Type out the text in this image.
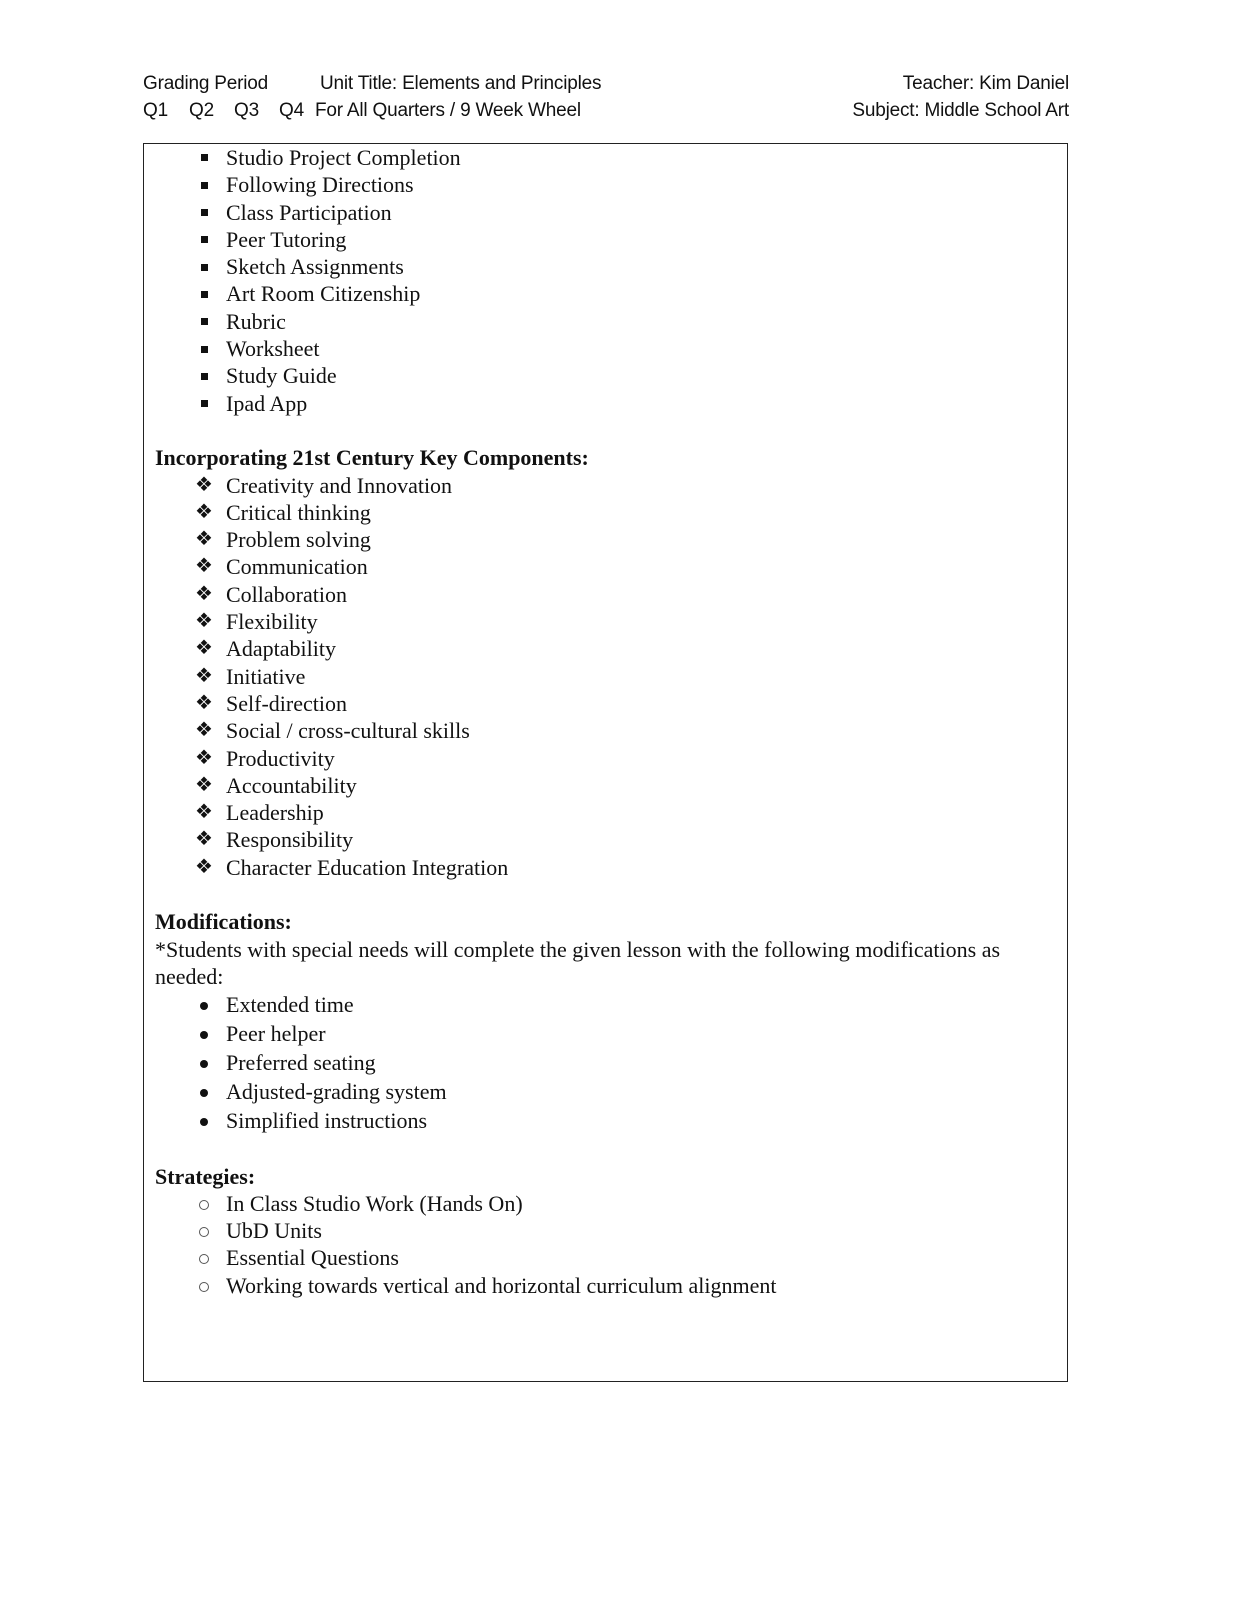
Grading Period	Unit Title: Elements and Principles	Teacher: Kim Daniel
Q1 Q2 Q3 Q4 For All Quarters / 9 Week Wheel	Subject: Middle School Art
Studio Project Completion
Following Directions
Class Participation
Peer Tutoring
Sketch Assignments
Art Room Citizenship
Rubric
Worksheet
Study Guide
Ipad App
Incorporating 21st Century Key Components:
❖ Creativity and Innovation
❖ Critical thinking
❖ Problem solving
❖ Communication
❖ Collaboration
❖ Flexibility
❖ Adaptability
❖ Initiative
❖ Self-direction
❖ Social / cross-cultural skills
❖ Productivity
❖ Accountability
❖ Leadership
❖ Responsibility
❖ Character Education Integration
Modifications:

*Students with special needs will complete the given lesson with the following modifications as needed:

Extended time
Peer helper
Preferred seating
Adjusted-grading system
Simplified instructions
Strategies:
In Class Studio Work (Hands On)
UbD Units
Essential Questions
Working towards vertical and horizontal curriculum alignment
